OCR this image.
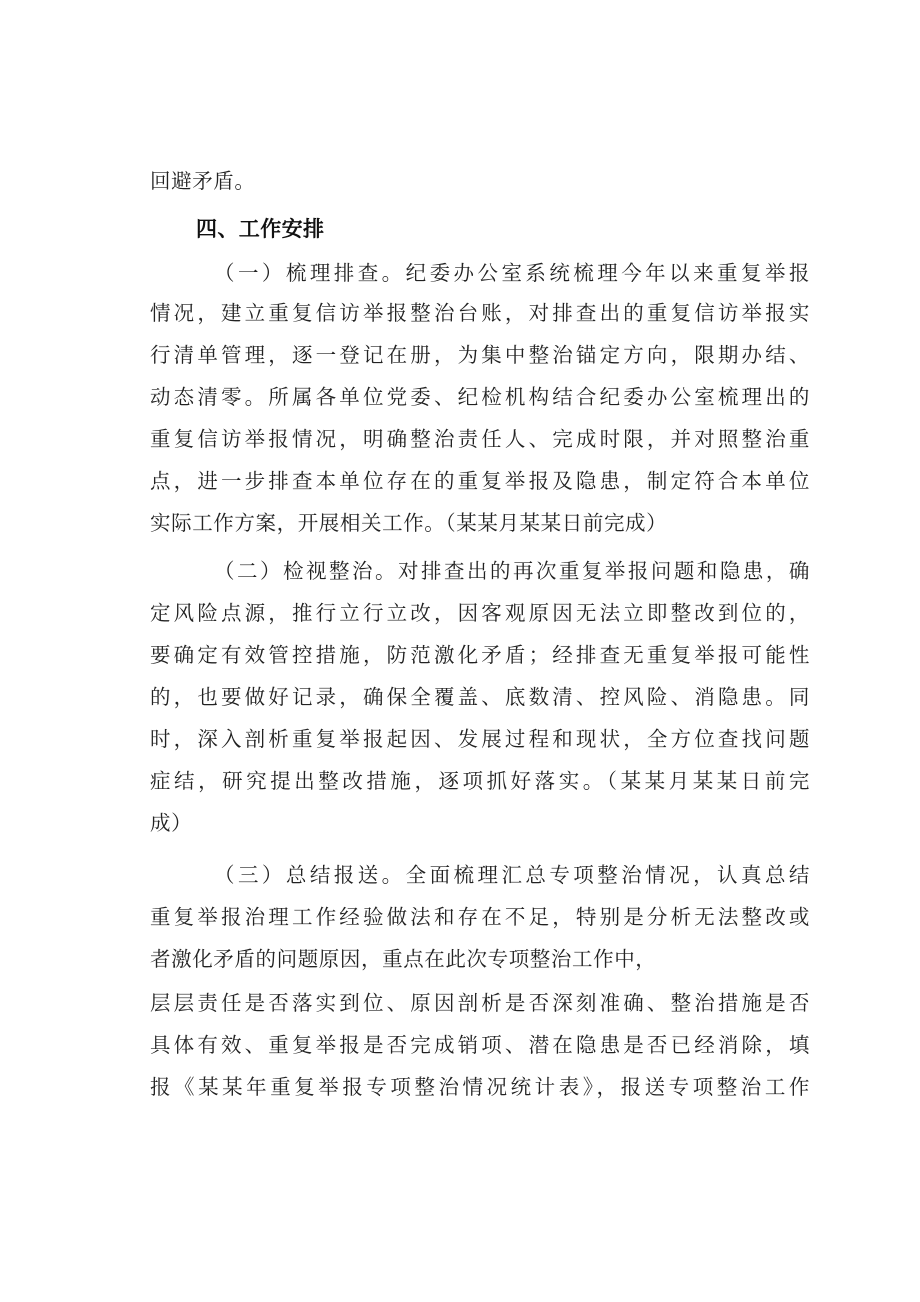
回避矛盾。
四、工作安排
（一）梳理排查。纪委办公室系统梳理今年以来重复举报
情况，建立重复信访举报整治台账，对排查出的重复信访举报实
行清单管理，逐一登记在册，为集中整治锚定方向，限期办结、
动态清零。所属各单位党委、纪检机构结合纪委办公室梳理出的
重复信访举报情况，明确整治责任人、完成时限，并对照整治重
点，进一步排查本单位存在的重复举报及隐患，制定符合本单位
实际工作方案，开展相关工作。（某某月某某日前完成）
（二）检视整治。对排查出的再次重复举报问题和隐患，确
定风险点源，推行立行立改，因客观原因无法立即整改到位的，
要确定有效管控措施，防范激化矛盾；经排查无重复举报可能性
的，也要做好记录，确保全覆盖、底数清、控风险、消隐患。同
时，深入剖析重复举报起因、发展过程和现状，全方位查找问题
症结，研究提出整改措施，逐项抓好落实。（某某月某某日前完
成）
（三）总结报送。全面梳理汇总专项整治情况，认真总结
重复举报治理工作经验做法和存在不足，特别是分析无法整改或
者激化矛盾的问题原因，重点在此次专项整治工作中，
层层责任是否落实到位、原因剖析是否深刻准确、整治措施是否
具体有效、重复举报是否完成销项、潜在隐患是否已经消除，填
报《某某年重复举报专项整治情况统计表》，报送专项整治工作
